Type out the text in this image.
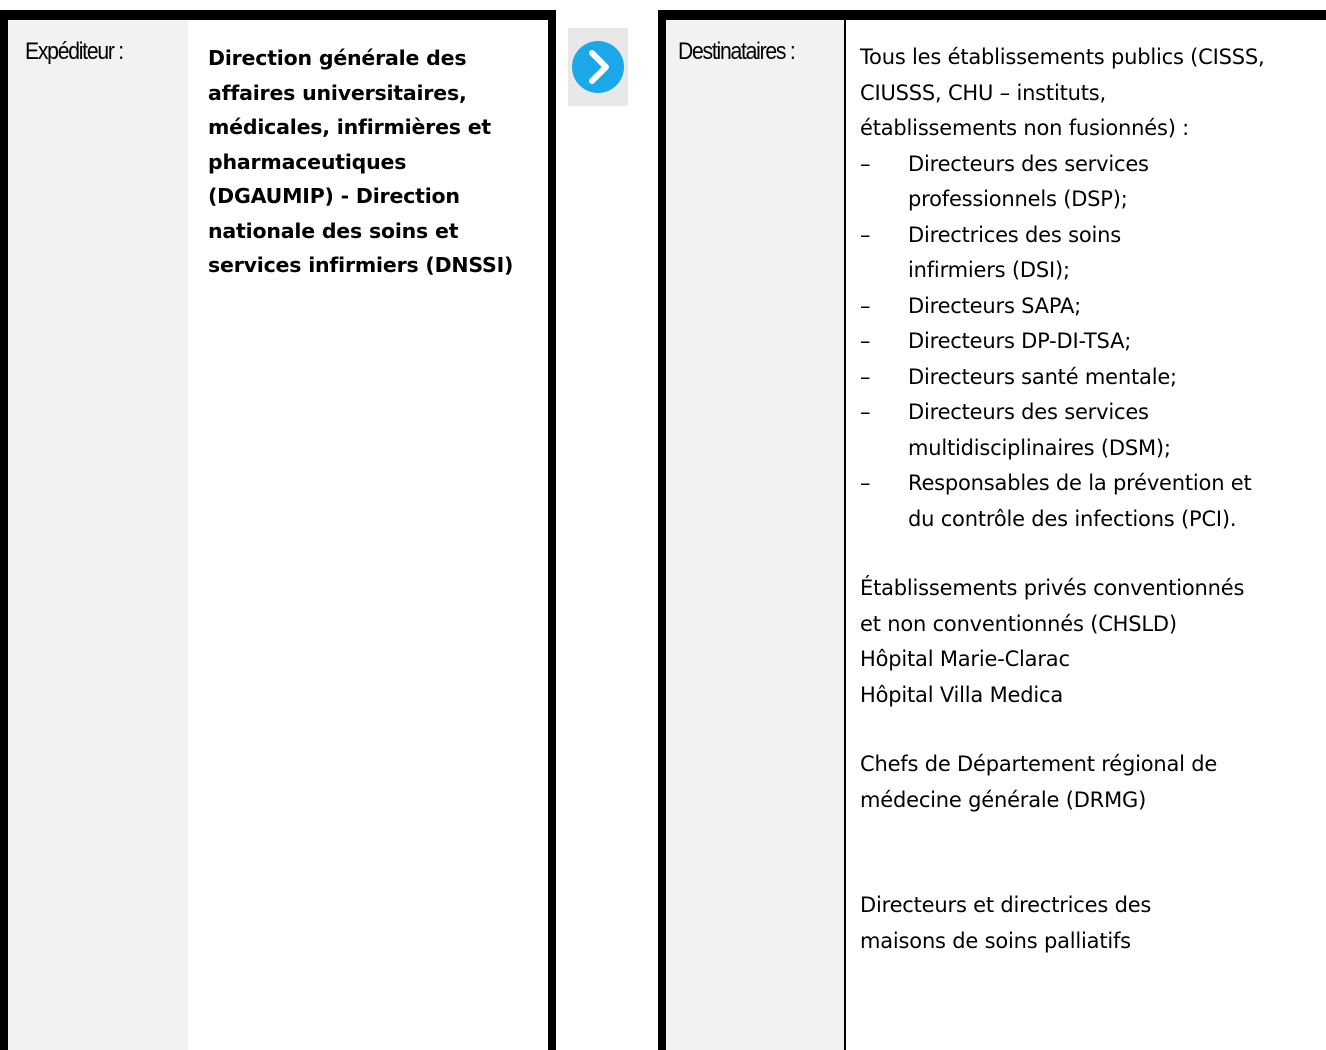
Expéditeur :	Direction générale des
affaires universitaires,
médicales, infirmières et
pharmaceutiques
(DGAUMIP) - Direction
nationale des soins et
services infirmiers (DNSSI)
Destinataires :	Tous les établissements publics (CISSS,
CIUSSS, CHU – instituts,
établissements non fusionnés) :
–	Directeurs des services
professionnels (DSP);
–	Directrices des soins
infirmiers (DSI);
–	Directeurs SAPA;
–	Directeurs DP-DI-TSA;
–	Directeurs santé mentale;
–	Directeurs des services
multidisciplinaires (DSM);
–	Responsables de la prévention et
du contrôle des infections (PCI).
Établissements privés conventionnés
et non conventionnés (CHSLD)
Hôpital Marie-Clarac
Hôpital Villa Medica
Chefs de Département régional de
médecine générale (DRMG)
Directeurs et directrices des
maisons de soins palliatifs
